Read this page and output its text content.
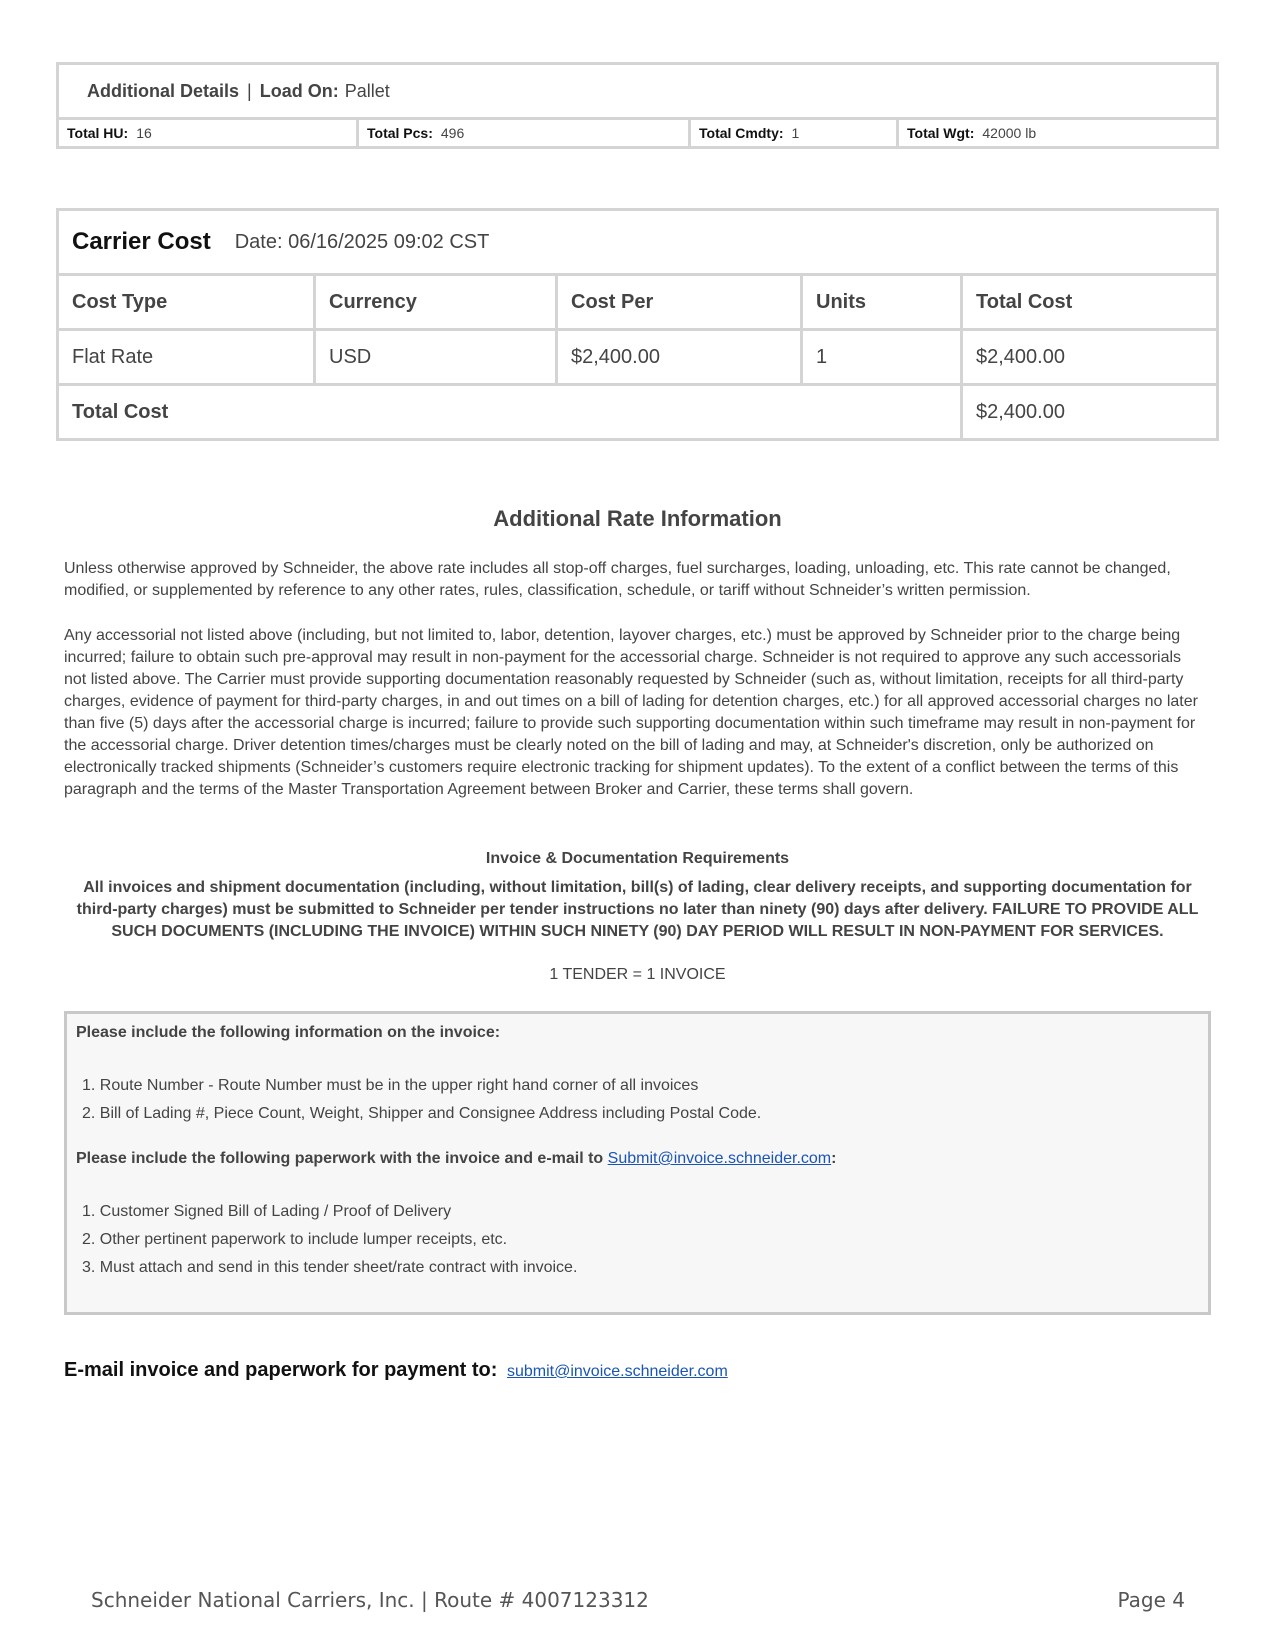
Additional Details | Load On: Pallet
Total HU: 16	Total Pcs: 496	Total Cmdty: 1	Total Wgt: 42000 lb
Carrier Cost Date: 06/16/2025 09:02 CST
Cost Type	Currency	Cost Per	Units	Total Cost
Flat Rate	USD	$2,400.00	1	$2,400.00
Total Cost	$2,400.00
Additional Rate Information

Unless otherwise approved by Schneider, the above rate includes all stop-off charges, fuel surcharges, loading, unloading, etc. This rate cannot be changed, modified, or supplemented by reference to any other rates, rules, classification, schedule, or tariff without Schneider’s written permission.

Any accessorial not listed above (including, but not limited to, labor, detention, layover charges, etc.) must be approved by Schneider prior to the charge being incurred; failure to obtain such pre-approval may result in non-payment for the accessorial charge. Schneider is not required to approve any such accessorials not listed above. The Carrier must provide supporting documentation reasonably requested by Schneider (such as, without limitation, receipts for all third-party charges, evidence of payment for third-party charges, in and out times on a bill of lading for detention charges, etc.) for all approved accessorial charges no later than five (5) days after the accessorial charge is incurred; failure to provide such supporting documentation within such timeframe may result in non-payment for the accessorial charge. Driver detention times/charges must be clearly noted on the bill of lading and may, at Schneider's discretion, only be authorized on electronically tracked shipments (Schneider’s customers require electronic tracking for shipment updates). To the extent of a conflict between the terms of this paragraph and the terms of the Master Transportation Agreement between Broker and Carrier, these terms shall govern.

Invoice & Documentation Requirements
All invoices and shipment documentation (including, without limitation, bill(s) of lading, clear delivery receipts, and supporting documentation for third-party charges) must be submitted to Schneider per tender instructions no later than ninety (90) days after delivery. FAILURE TO PROVIDE ALL SUCH DOCUMENTS (INCLUDING THE INVOICE) WITHIN SUCH NINETY (90) DAY PERIOD WILL RESULT IN NON-PAYMENT FOR SERVICES.
1 TENDER = 1 INVOICE
Please include the following information on the invoice:
1. Route Number - Route Number must be in the upper right hand corner of all invoices
2. Bill of Lading #, Piece Count, Weight, Shipper and Consignee Address including Postal Code.
Please include the following paperwork with the invoice and e-mail to Submit@invoice.schneider.com:
1. Customer Signed Bill of Lading / Proof of Delivery
2. Other pertinent paperwork to include lumper receipts, etc.
3. Must attach and send in this tender sheet/rate contract with invoice.
E-mail invoice and paperwork for payment to: submit@invoice.schneider.com
Schneider National Carriers, Inc. | Route # 4007123312	Page 4
